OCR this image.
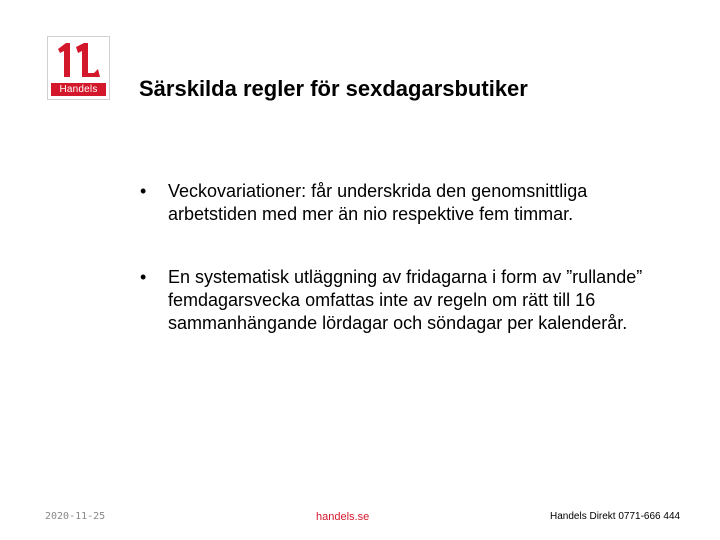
Handels	Särskilda regler för sexdagarsbutiker
• Veckovariationer: får underskrida den genomsnittliga arbetstiden med mer än nio respektive fem timmar.
• En systematisk utläggning av fridagarna i form av ”rullande” femdagarsvecka omfattas inte av regeln om rätt till 16 sammanhängande lördagar och söndagar per kalenderår.
2020-11-25	handels.se	Handels Direkt 0771-666 444
